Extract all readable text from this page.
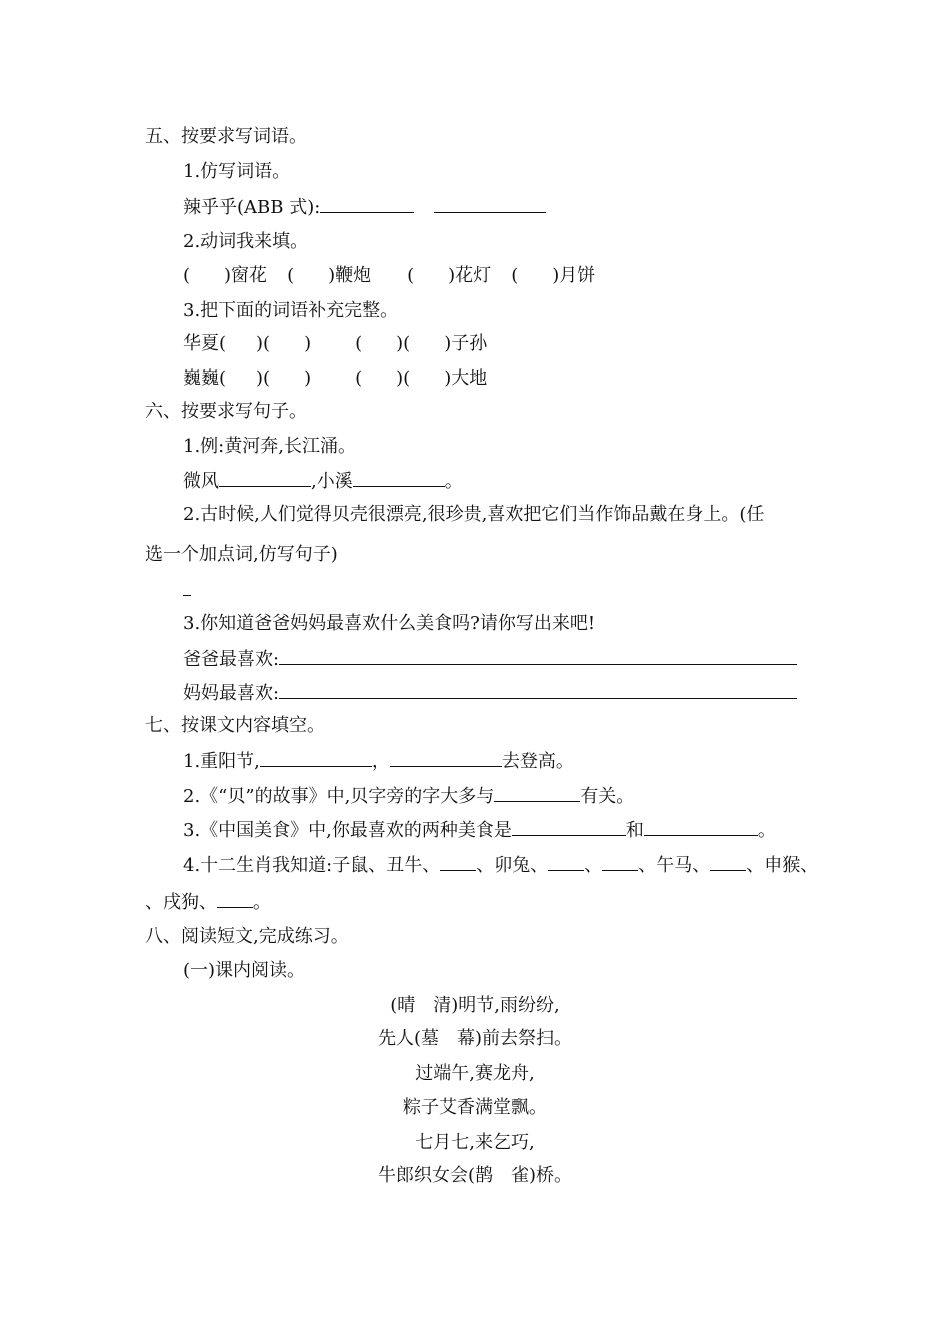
五、按要求写词语。
1.仿写词语。
辣乎乎(ABB 式):
2.动词我来填。
( )窗花 ( )鞭炮 ( )花灯 ( )月饼
3.把下面的词语补充完整。
华夏( )( ) ( )( )子孙
巍巍( )( ) ( )( )大地
六、按要求写句子。
1.例:黄河奔,长江涌。
微风	,小溪	。
2.古时候,人们觉得贝壳很漂亮,很珍贵,喜欢把它们当作饰品戴在身上。(任
选一个加点词,仿写句子)
3.你知道爸爸妈妈最喜欢什么美食吗?请你写出来吧!
爸爸最喜欢:
妈妈最喜欢:
七、按课文内容填空。
1.重阳节,	，	去登高。
2.《“贝”的故事》中,贝字旁的字大多与	有关。
3.《中国美食》中,你最喜欢的两种美食是	和	。
4.十二生肖我知道:子鼠、丑牛、 、卯兔、 、 、午马、 、申猴、
、戌狗、 。
八、阅读短文,完成练习。
(一)课内阅读。
(晴 清)明节,雨纷纷,
先人(墓 幕)前去祭扫。
过端午,赛龙舟,
粽子艾香满堂飘。
七月七,来乞巧,
牛郎织女会(鹊 雀)桥。
